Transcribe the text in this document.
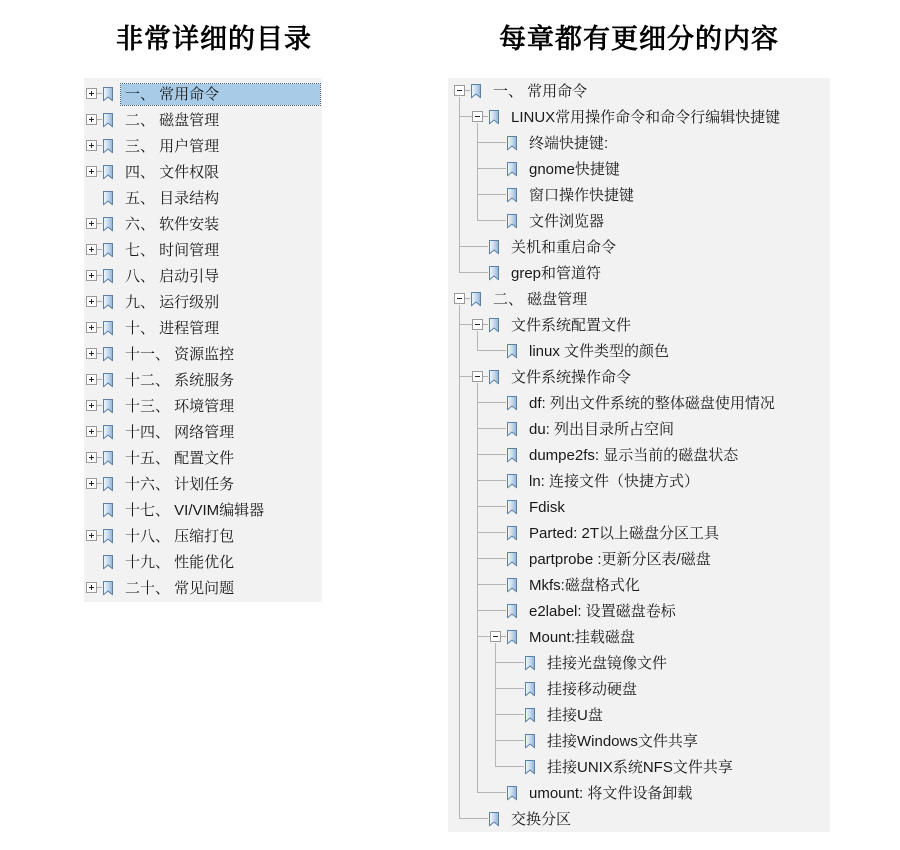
非常详细的目录	每章都有更细分的内容
一、 常用命令
二、 磁盘管理
三、 用户管理
四、 文件权限
五、 目录结构
六、 软件安装
七、 时间管理
八、 启动引导
九、 运行级别
十、 进程管理
十一、 资源监控
十二、 系统服务
十三、 环境管理
十四、 网络管理
十五、 配置文件
十六、 计划任务
十七、 VI/VIM编辑器
十八、 压缩打包
十九、 性能优化
二十、 常见问题
一、 常用命令
LINUX常用操作命令和命令行编辑快捷键
终端快捷键:
gnome快捷键
窗口操作快捷键
文件浏览器
关机和重启命令
grep和管道符
二、 磁盘管理
文件系统配置文件
linux 文件类型的颜色
文件系统操作命令
df: 列出文件系统的整体磁盘使用情况
du: 列出目录所占空间
dumpe2fs: 显示当前的磁盘状态
ln: 连接文件（快捷方式）
Fdisk
Parted: 2T以上磁盘分区工具
partprobe :更新分区表/磁盘
Mkfs:磁盘格式化
e2label: 设置磁盘卷标
Mount:挂载磁盘
挂接光盘镜像文件
挂接移动硬盘
挂接U盘
挂接Windows文件共享
挂接UNIX系统NFS文件共享
umount: 将文件设备卸载
交换分区
